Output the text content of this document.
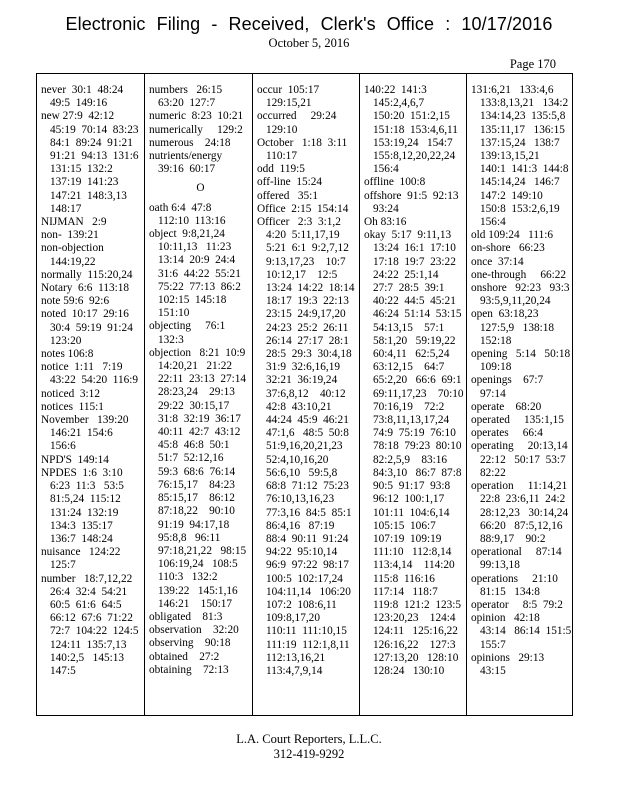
Electronic Filing - Received, Clerk's Office : 10/17/2016
October 5, 2016
Page 170
never  30:1  48:24
49:5  149:16
new 27:9  42:12
45:19  70:14  83:23
84:1  89:24  91:21
91:21  94:13  131:6
131:15  132:2
137:19  141:23
147:21  148:3,13
148:17
NIJMAN   2:9
non-  139:21
non-objection
144:19,22
normally  115:20,24
Notary  6:6  113:18
note 59:6  92:6
noted  10:17  29:16
30:4  59:19  91:24
123:20
notes 106:8
notice  1:11   7:19
43:22  54:20  116:9
noticed  3:12
notices  115:1
November   139:20
146:21  154:6
156:6
NPD'S  149:14
NPDES  1:6  3:10
6:23  11:3   53:5
81:5,24  115:12
131:24  132:19
134:3  135:17
136:7  148:24
nuisance   124:22
125:7
number   18:7,12,22
26:4  32:4  54:21
60:5  61:6  64:5
66:12  67:6  71:22
72:7  104:22  124:5
124:11  135:7,13
140:2,5   145:13
147:5
numbers   26:15
63:20  127:7
numeric  8:23  10:21
numerically     129:2
numerous    24:18
nutrients/energy
39:16  60:17
O
oath 6:4  47:8
112:10  113:16
object  9:8,21,24
10:11,13   11:23
13:14  20:9  24:4
31:6  44:22  55:21
75:22  77:13  86:2
102:15  145:18
151:10
objecting     76:1
132:3
objection   8:21  10:9
14:20,21   21:22
22:11  23:13  27:14
28:23,24    29:13
29:22  30:15,17
31:8  32:19  36:17
40:11  42:7  43:12
45:8  46:8  50:1
51:7  52:12,16
59:3  68:6  76:14
76:15,17    84:23
85:15,17    86:12
87:18,22    90:10
91:19  94:17,18
95:8,8   96:11
97:18,21,22   98:15
106:19,24   108:5
110:3   132:2
139:22   145:1,16
146:21    150:17
obligated    81:3
observation    32:20
observing    90:18
obtained    27:2
obtaining    72:13
occur  105:17
129:15,21
occurred     29:24
129:10
October   1:18  3:11
110:17
odd  119:5
off-line  15:24
offered   35:1
Office  2:15  154:14
Officer   2:3  3:1,2
4:20  5:11,17,19
5:21  6:1  9:2,7,12
9:13,17,23    10:7
10:12,17    12:5
13:24  14:22  18:14
18:17  19:3  22:13
23:15  24:9,17,20
24:23  25:2  26:11
26:14  27:17  28:1
28:5  29:3  30:4,18
31:9  32:6,16,19
32:21  36:19,24
37:6,8,12    40:12
42:8  43:10,21
44:24  45:9  46:21
47:1,6   48:5  50:8
51:9,16,20,21,23
52:4,10,16,20
56:6,10   59:5,8
68:8  71:12  75:23
76:10,13,16,23
77:3,16  84:5  85:1
86:4,16   87:19
88:4  90:11  91:24
94:22  95:10,14
96:9  97:22  98:17
100:5  102:17,24
104:11,14   106:20
107:2  108:6,11
109:8,17,20
110:11  111:10,15
111:19  112:1,8,11
112:13,16,21
113:4,7,9,14
140:22  141:3
145:2,4,6,7
150:20  151:2,15
151:18  153:4,6,11
153:19,24   154:7
155:8,12,20,22,24
156:4
offline  100:8
offshore  91:5  92:13
93:24
Oh 83:16
okay  5:17  9:11,13
13:24  16:1  17:10
17:18  19:7  23:22
24:22  25:1,14
27:7  28:5  39:1
40:22  44:5  45:21
46:24  51:14  53:15
54:13,15    57:1
58:1,20   59:19,22
60:4,11   62:5,24
63:12,15    64:7
65:2,20   66:6  69:1
69:11,17,23    70:10
70:16,19    72:2
73:8,11,13,17,24
74:9  75:19  76:10
78:18  79:23  80:10
82:2,5,9    83:16
84:3,10   86:7  87:8
90:5  91:17  93:8
96:12  100:1,17
101:11  104:6,14
105:15  106:7
107:19  109:19
111:10   112:8,14
113:4,14    114:20
115:8  116:16
117:14   118:7
119:8  121:2  123:5
123:20,23    124:4
124:11   125:16,22
126:16,22    127:3
127:13,20   128:10
128:24   130:10
131:6,21   133:4,6
133:8,13,21   134:2
134:14,23  135:5,8
135:11,17   136:15
137:15,24   138:7
139:13,15,21
140:1  141:3  144:8
145:14,24   146:7
147:2  149:10
150:8  153:2,6,19
156:4
old 109:24   111:6
on-shore   66:23
once  37:14
one-through     66:22
onshore   92:23   93:3
93:5,9,11,20,24
open  63:18,23
127:5,9   138:18
152:18
opening   5:14   50:18
109:18
openings    67:7
97:14
operate    68:20
operated     135:1,15
operates     66:4
operating     20:13,14
22:12   50:17  53:7
82:22
operation     11:14,21
22:8  23:6,11  24:2
28:12,23   30:14,24
66:20   87:5,12,16
88:9,17    90:2
operational     87:14
99:13,18
operations     21:10
81:15   134:8
operator     8:5  79:2
opinion   42:18
43:14   86:14  151:5
155:7
opinions   29:13
43:15
L.A. Court Reporters, L.L.C.
312-419-9292
